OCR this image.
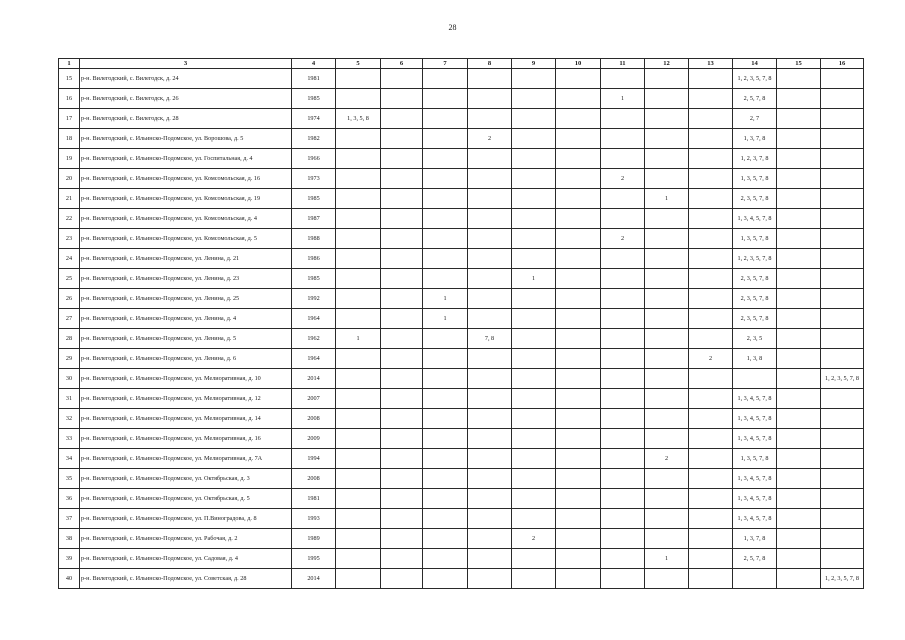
28
1	3	4	5	6	7	8	9	10	11	12	13	14	15	16
15	р-н. Вилегодский, с. Вилегодск, д. 24	1981										1, 2, 3, 5, 7, 8		
16	р-н. Вилегодский, с. Вилегодск, д. 26	1985							1			2, 5, 7, 8		
17	р-н. Вилегодский, с. Вилегодск, д. 28	1974	1, 3, 5, 8									2, 7		
18	р-н. Вилегодский, с. Ильинско-Подомское, ул. Ворошова, д. 5	1982				2						1, 3, 7, 8		
19	р-н. Вилегодский, с. Ильинско-Подомское, ул. Госпитальная, д. 4	1966										1, 2, 3, 7, 8		
20	р-н. Вилегодский, с. Ильинско-Подомское, ул. Комсомольская, д. 16	1973							2			1, 3, 5, 7, 8		
21	р-н. Вилегодский, с. Ильинско-Подомское, ул. Комсомольская, д. 19	1985								1		2, 3, 5, 7, 8		
22	р-н. Вилегодский, с. Ильинско-Подомское, ул. Комсомольская, д. 4	1987										1, 3, 4, 5, 7, 8		
23	р-н. Вилегодский, с. Ильинско-Подомское, ул. Комсомольская, д. 5	1988							2			1, 3, 5, 7, 8		
24	р-н. Вилегодский, с. Ильинско-Подомское, ул. Ленина, д. 21	1986										1, 2, 3, 5, 7, 8		
25	р-н. Вилегодский, с. Ильинско-Подомское, ул. Ленина, д. 23	1985					1					2, 3, 5, 7, 8		
26	р-н. Вилегодский, с. Ильинско-Подомское, ул. Ленина, д. 25	1992			1							2, 3, 5, 7, 8		
27	р-н. Вилегодский, с. Ильинско-Подомское, ул. Ленина, д. 4	1964			1							2, 3, 5, 7, 8		
28	р-н. Вилегодский, с. Ильинско-Подомское, ул. Ленина, д. 5	1962	1			7, 8						2, 3, 5		
29	р-н. Вилегодский, с. Ильинско-Подомское, ул. Ленина, д. 6	1964									2	1, 3, 8		
30	р-н. Вилегодский, с. Ильинско-Подомское, ул. Мелиоративная, д. 10	2014												1, 2, 3, 5, 7, 8
31	р-н. Вилегодский, с. Ильинско-Подомское, ул. Мелиоративная, д. 12	2007										1, 3, 4, 5, 7, 8		
32	р-н. Вилегодский, с. Ильинско-Подомское, ул. Мелиоративная, д. 14	2008										1, 3, 4, 5, 7, 8		
33	р-н. Вилегодский, с. Ильинско-Подомское, ул. Мелиоративная, д. 16	2009										1, 3, 4, 5, 7, 8		
34	р-н. Вилегодский, с. Ильинско-Подомское, ул. Мелиоративная, д. 7А	1994								2		1, 3, 5, 7, 8		
35	р-н. Вилегодский, с. Ильинско-Подомское, ул. Октябрьская, д. 3	2008										1, 3, 4, 5, 7, 8		
36	р-н. Вилегодский, с. Ильинско-Подомское, ул. Октябрьская, д. 5	1981										1, 3, 4, 5, 7, 8		
37	р-н. Вилегодский, с. Ильинско-Подомское, ул. П.Виноградова, д. 8	1993										1, 3, 4, 5, 7, 8		
38	р-н. Вилегодский, с. Ильинско-Подомское, ул. Рабочая, д. 2	1989					2					1, 3, 7, 8		
39	р-н. Вилегодский, с. Ильинско-Подомское, ул. Садовая, д. 4	1995								1		2, 5, 7, 8		
40	р-н. Вилегодский, с. Ильинско-Подомское, ул. Советская, д. 28	2014												1, 2, 3, 5, 7, 8
